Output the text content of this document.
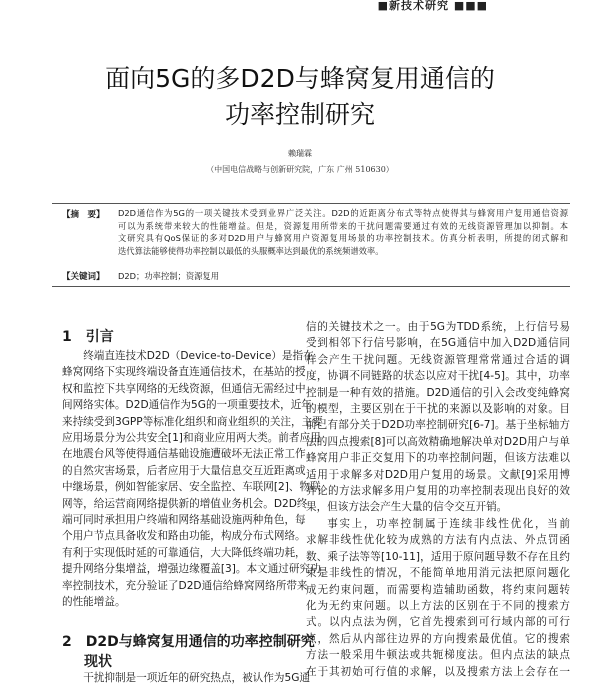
■新技术研究 ■■■
面向5G的多D2D与蜂窝复用通信的
功率控制研究
赖瑞霖
（中国电信战略与创新研究院，广东 广州 510630）
【摘　要】 D2D通信作为5G的一项关键技术受到业界广泛关注。D2D的近距离分布式等特点使得其与蜂窝用户复用通信资源
可以为系统带来较大的性能增益。但是，资源复用所带来的干扰问题需要通过有效的无线资源管理加以抑制。本
文研究具有QoS保证的多对D2D用户与蜂窝用户资源复用场景的功率控制技术。仿真分析表明，所提的闭式解和
迭代算法能够使得功率控制以最低的头服概率达到最优的系统频谱效率。
【关键词】 D2D；功率控制；资源复用
1　引言
终端直连技术D2D（Device-to-Device）是指在
蜂窝网络下实现终端设备直连通信技术，在基站的授
权和监控下共享网络的无线资源，但通信无需经过中
间网络实体。D2D通信作为5G的一项重要技术，近年
来持续受到3GPP等标准化组织和商业组织的关注，主要
应用场景分为公共安全[1]和商业应用两大类。前者应用
在地震台风等使得通信基础设施遭破坏无法正常工作
的自然灾害场景，后者应用于大量信息交互近距离或
中继场景，例如智能家居、安全监控、车联网[2]、物联
网等，给运营商网络提供新的增值业务机会。D2D终
端可同时承担用户终端和网络基础设施两种角色，每
个用户节点具备收发和路由功能，构成分布式网络。
有利于实现低时延的可靠通信，大大降低终端功耗，
提升网络分集增益，增强边缘覆盖[3]。本文通过研究功
率控制技术，充分验证了D2D通信给蜂窝网络所带来
的性能增益。
2　D2D与蜂窝复用通信的功率控制研究
现状
干扰抑制是一项近年的研究热点，被认作为5G通
信的关键技术之一。由于5G为TDD系统，上行信号易
受到相邻下行信号影响，在5G通信中加入D2D通信同
样会产生干扰问题。无线资源管理常常通过合适的调
度，协调不同链路的状态以应对干扰[4-5]。其中，功率
控制是一种有效的措施。D2D通信的引入会改变纯蜂窝
的模型，主要区别在于干扰的来源以及影响的对象。目
前已有部分关于D2D功率控制研究[6-7]。基于坐标轴方
法的四点搜索[8]可以高效精确地解决单对D2D用户与单
蜂窝用户非正交复用下的功率控制问题，但该方法难以
适用于求解多对D2D用户复用的场景。文献[9]采用博
弈论的方法求解多用户复用的功率控制表现出良好的效
果，但该方法会产生大量的信令交互开销。
事实上，功率控制属于连续非线性优化，当前
求解非线性优化较为成熟的方法有内点法、外点罚函
数、乘子法等等[10-11]，适用于原问题导数不存在且约
束是非线性的情况，不能简单地用消元法把原问题化
成无约束问题，而需要构造辅助函数，将约束问题转
化为无约束问题。以上方法的区别在于不同的搜索方
式。以内点法为例，它首先搜索到可行域内部的可行
点，然后从内部往边界的方向搜索最优值。它的搜索
方法一般采用牛顿法或共轭梯度法。但内点法的缺点
在于其初始可行值的求解，以及搜索方法上会存在一
